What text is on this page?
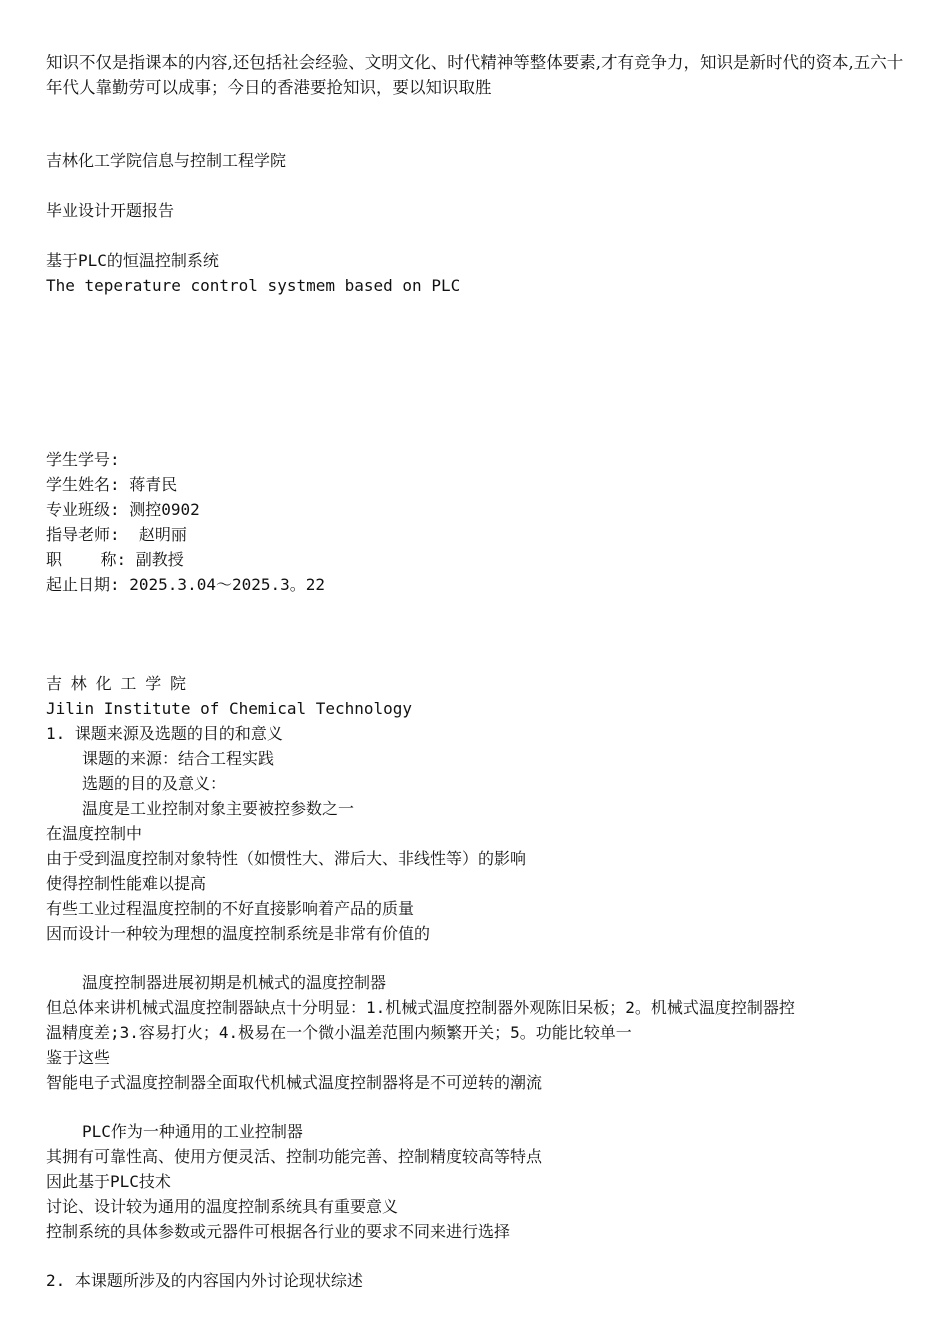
知识不仅是指课本的内容,还包括社会经验、文明文化、时代精神等整体要素,才有竞争力，知识是新时代的资本,五六十年代人靠勤劳可以成事；今日的香港要抢知识，要以知识取胜
吉林化工学院信息与控制工程学院
毕业设计开题报告
基于PLC的恒温控制系统
The teperature control systmem based on PLC
学生学号:
学生姓名: 蒋青民
专业班级: 测控0902
指导老师:  赵明丽
职    称: 副教授
起止日期: 2025.3.04～2025.3。22
吉林化工学院
Jilin Institute of Chemical Technology
1. 课题来源及选题的目的和意义
课题的来源：结合工程实践
选题的目的及意义：
温度是工业控制对象主要被控参数之一
在温度控制中
由于受到温度控制对象特性（如惯性大、滞后大、非线性等）的影响
使得控制性能难以提高
有些工业过程温度控制的不好直接影响着产品的质量
因而设计一种较为理想的温度控制系统是非常有价值的
温度控制器进展初期是机械式的温度控制器
但总体来讲机械式温度控制器缺点十分明显：1.机械式温度控制器外观陈旧呆板；2。机械式温度控制器控
温精度差;3.容易打火；4.极易在一个微小温差范围内频繁开关；5。功能比较单一
鉴于这些
智能电子式温度控制器全面取代机械式温度控制器将是不可逆转的潮流
PLC作为一种通用的工业控制器
其拥有可靠性高、使用方便灵活、控制功能完善、控制精度较高等特点
因此基于PLC技术
讨论、设计较为通用的温度控制系统具有重要意义
控制系统的具体参数或元器件可根据各行业的要求不同来进行选择
2. 本课题所涉及的内容国内外讨论现状综述
